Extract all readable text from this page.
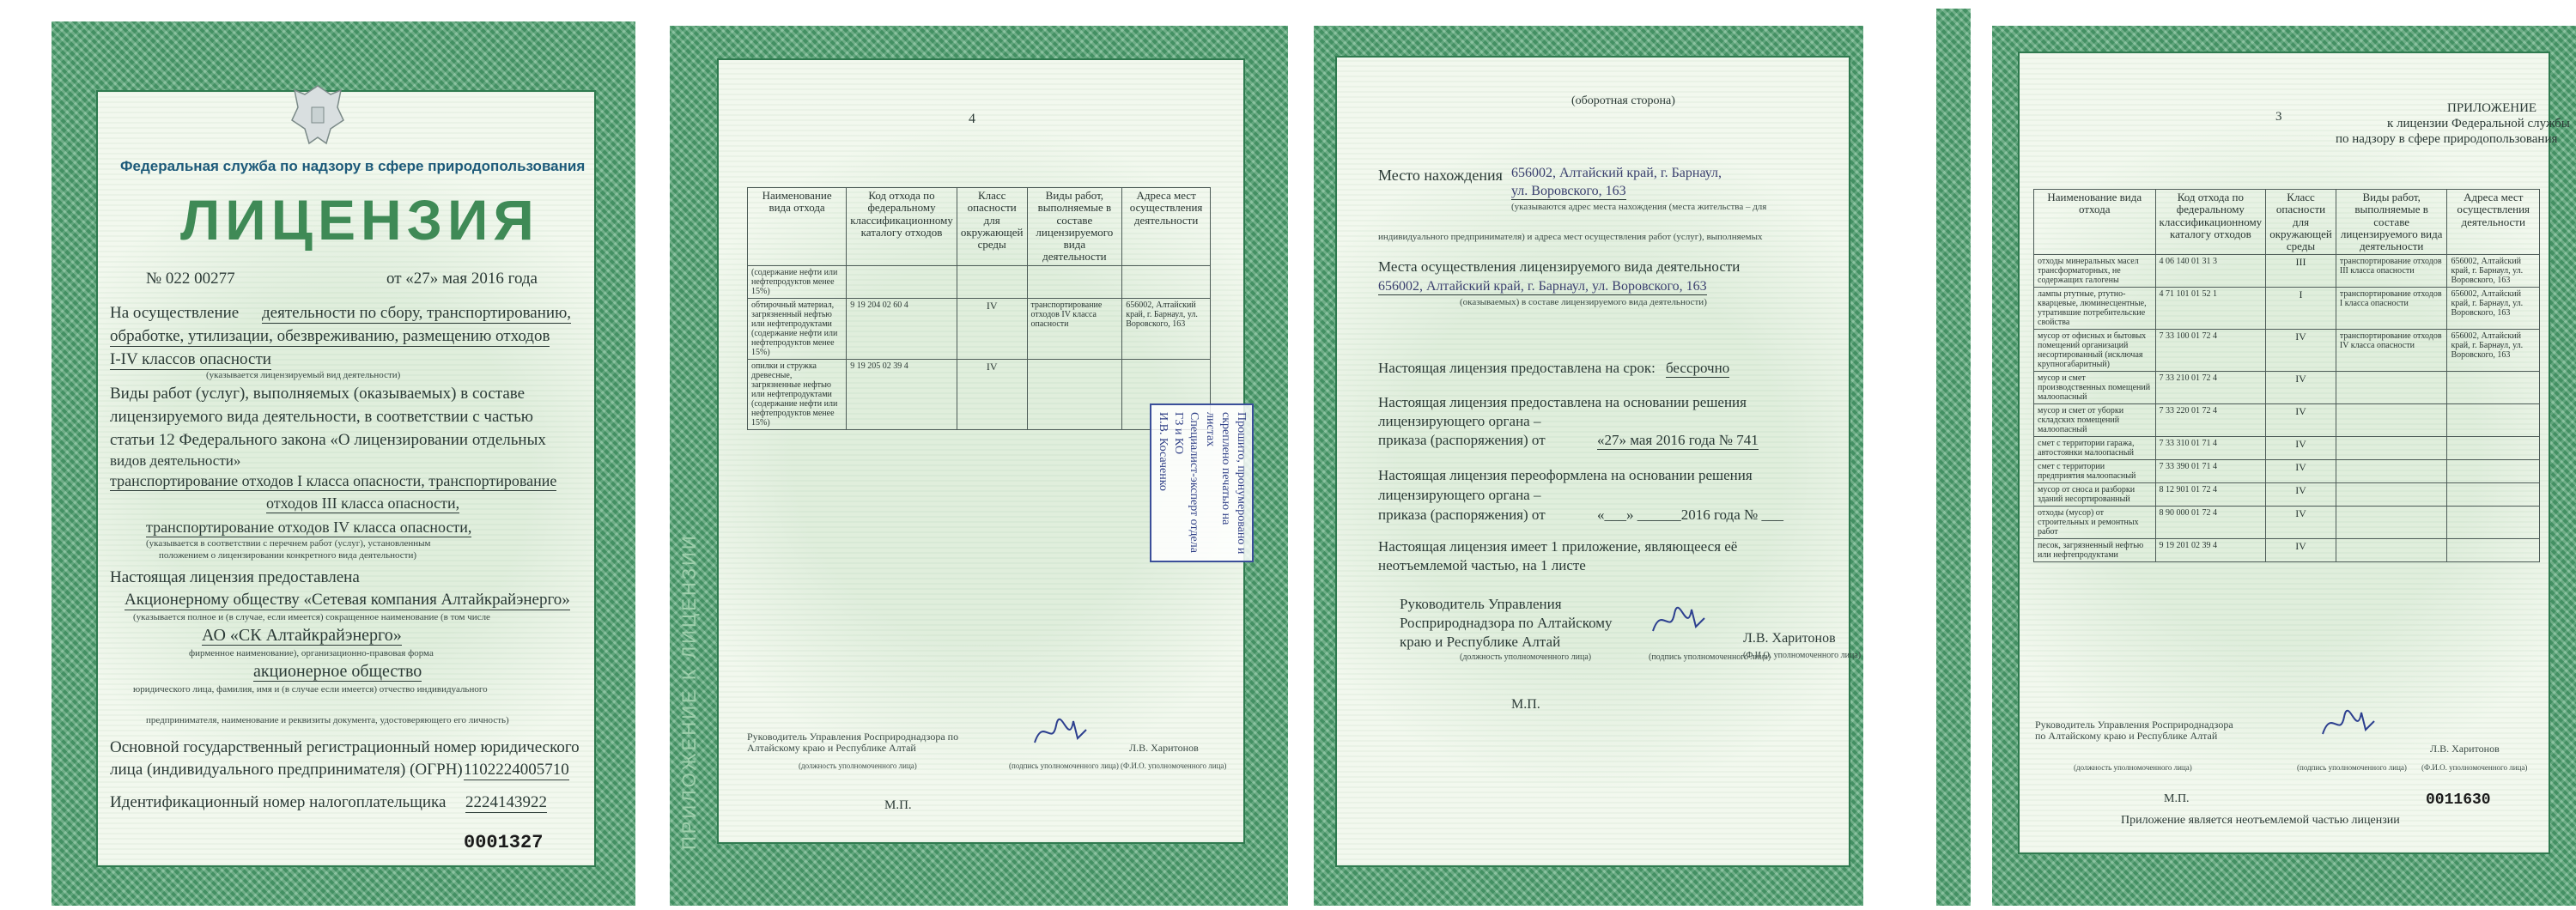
Федеральная служба по надзору в сфере природопользования
ЛИЦЕНЗИЯ
№ 022 00277	от «27» мая 2016 года
На осуществление деятельности по сбору, транспортированию,
обработке, утилизации, обезвреживанию, размещению отходов
I-IV классов опасности
(указывается лицензируемый вид деятельности)
Виды работ (услуг), выполняемых (оказываемых) в составе
лицензируемого вида деятельности, в соответствии с частью
статьи 12 Федерального закона «О лицензировании отдельных
видов деятельности»
транспортирование отходов I класса опасности, транспортирование
отходов III класса опасности,
транспортирование отходов IV класса опасности,
(указывается в соответствии с перечнем работ (услуг), установленным
положением о лицензировании конкретного вида деятельности)
Настоящая лицензия предоставлена
Акционерному обществу «Сетевая компания Алтайкрайэнерго»
(указывается полное и (в случае, если имеется) сокращенное наименование (в том числе
АО «СК Алтайкрайэнерго»
фирменное наименование), организационно-правовая форма
акционерное общество
юридического лица, фамилия, имя и (в случае если имеется) отчество индивидуального
предпринимателя, наименование и реквизиты документа, удостоверяющего его личность)
Основной государственный регистрационный номер юридического
лица (индивидуального предпринимателя) (ОГРН) 1102224005710
Идентификационный номер налогоплательщика 2224143922
0001327	ПРИЛОЖЕНИЕ К ЛИЦЕНЗИИ
4
Наименование вида отхода	Код отхода по федеральному классификационному каталогу отходов	Класс опасности для окружающей среды	Виды работ, выполняемые в составе лицензируемого вида деятельности	Адреса мест осуществления деятельности
(содержание нефти или нефтепродуктов менее 15%)				
обтирочный материал, загрязненный нефтью или нефтепродуктами (содержание нефти или нефтепродуктов менее 15%)	9 19 204 02 60 4	IV	транспортирование отходов IV класса опасности	656002, Алтайский край, г. Барнаул, ул. Воровского, 163
опилки и стружка древесные, загрязненные нефтью или нефтепродуктами (содержание нефти или нефтепродуктов менее 15%)	9 19 205 02 39 4	IV		
Прошито, пронумеровано и
скреплено печатью на
листах
Специалист-эксперт отдела
ГЗ и КО
И.В. Косаченко
Руководитель Управления Росприроднадзора по Алтайскому краю и Республике Алтай	Л.В. Харитонов
(должность уполномоченного лица)	(подпись уполномоченного лица) (Ф.И.О. уполномоченного лица)
М.П.
(оборотная сторона)
Место нахождения 656002, Алтайский край, г. Барнаул,
ул. Воровского, 163
(указываются адрес места нахождения (места жительства – для
индивидуального предпринимателя) и адреса мест осуществления работ (услуг), выполняемых
Места осуществления лицензируемого вида деятельности
656002, Алтайский край, г. Барнаул, ул. Воровского, 163
(оказываемых) в составе лицензируемого вида деятельности)
Настоящая лицензия предоставлена на срок: бессрочно
Настоящая лицензия предоставлена на основании решения
лицензирующего органа –
приказа (распоряжения) от	«27» мая 2016 года № 741
Настоящая лицензия переоформлена на основании решения
лицензирующего органа –
приказа (распоряжения) от	«___» ______2016 года № ___
Настоящая лицензия имеет 1 приложение, являющееся её
неотъемлемой частью, на 1 листе
Руководитель Управления
Росприроднадзора по Алтайскому
краю и Республике Алтай	Л.В. Харитонов
(должность уполномоченного лица)	(подпись уполномоченного лица)
(Ф.И.О. уполномоченного лица)
М.П.
ПРИЛОЖЕНИЕ
к лицензии Федеральной службы
по надзору в сфере природопользования
3
Наименование вида отхода	Код отхода по федеральному классификационному каталогу отходов	Класс опасности для окружающей среды	Виды работ, выполняемые в составе лицензируемого вида деятельности	Адреса мест осуществления деятельности
отходы минеральных масел трансформаторных, не содержащих галогены	4 06 140 01 31 3	III	транспортирование отходов III класса опасности	656002, Алтайский край, г. Барнаул, ул. Воровского, 163
лампы ртутные, ртутно-кварцевые, люминесцентные, утратившие потребительские свойства	4 71 101 01 52 1	I	транспортирование отходов I класса опасности	656002, Алтайский край, г. Барнаул, ул. Воровского, 163
мусор от офисных и бытовых помещений организаций несортированный (исключая крупногабаритный)	7 33 100 01 72 4	IV	транспортирование отходов IV класса опасности	656002, Алтайский край, г. Барнаул, ул. Воровского, 163
мусор и смет производственных помещений малоопасный	7 33 210 01 72 4	IV		
мусор и смет от уборки складских помещений малоопасный	7 33 220 01 72 4	IV		
смет с территории гаража, автостоянки малоопасный	7 33 310 01 71 4	IV		
смет с территории предприятия малоопасный	7 33 390 01 71 4	IV		
мусор от сноса и разборки зданий несортированный	8 12 901 01 72 4	IV		
отходы (мусор) от строительных и ремонтных работ	8 90 000 01 72 4	IV		
песок, загрязненный нефтью или нефтепродуктами	9 19 201 02 39 4	IV		
Руководитель Управления Росприроднадзора по Алтайскому краю и Республике Алтай
Л.В. Харитонов
(должность уполномоченного лица)	(подпись уполномоченного лица) (Ф.И.О. уполномоченного лица)
М.П.	0011630
Приложение является неотъемлемой частью лицензии
